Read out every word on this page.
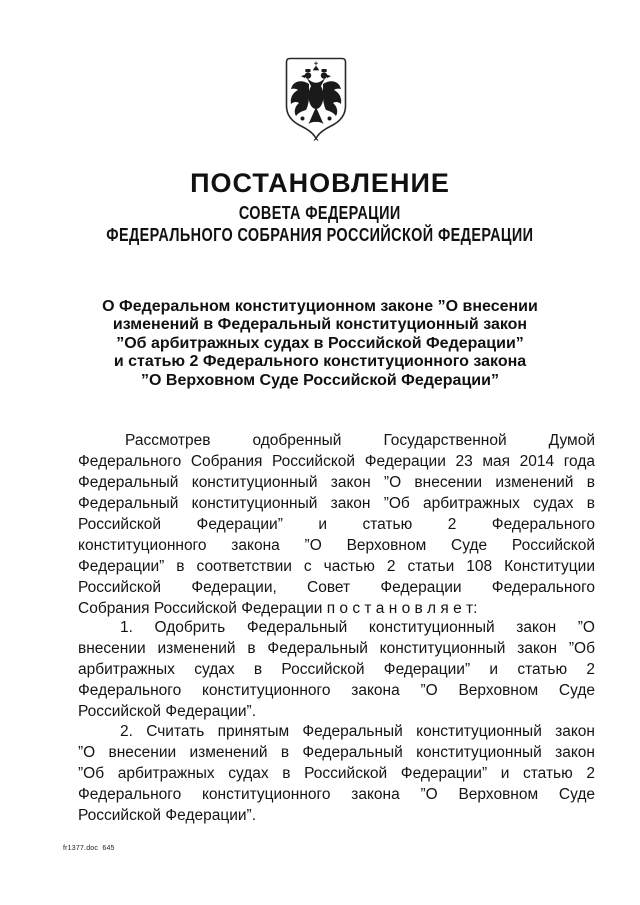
ПОСТАНОВЛЕНИЕ
СОВЕТА ФЕДЕРАЦИИ
ФЕДЕРАЛЬНОГО СОБРАНИЯ РОССИЙСКОЙ ФЕДЕРАЦИИ
О Федеральном конституционном законе ”О внесении
изменений в Федеральный конституционный закон
”Об арбитражных судах в Российской Федерации”
и статью 2 Федерального конституционного закона
”О Верховном Суде Российской Федерации”
Рассмотрев одобренный Государственной Думой
Федерального Собрания Российской Федерации 23 мая 2014 года
Федеральный конституционный закон ”О внесении изменений в
Федеральный конституционный закон ”Об арбитражных судах в
Российской Федерации” и статью 2 Федерального
конституционного закона ”О Верховном Суде Российской
Федерации” в соответствии с частью 2 статьи 108 Конституции
Российской Федерации, Совет Федерации Федерального
Собрания Российской Федерации п о с т а н о в л я е т:
1. Одобрить Федеральный конституционный закон ”О
внесении изменений в Федеральный конституционный закон ”Об
арбитражных судах в Российской Федерации” и статью 2
Федерального конституционного закона ”О Верховном Суде
Российской Федерации”.
2. Считать принятым Федеральный конституционный закон
”О внесении изменений в Федеральный конституционный закон
”Об арбитражных судах в Российской Федерации” и статью 2
Федерального конституционного закона ”О Верховном Суде
Российской Федерации”.
fr1377.doc  645
